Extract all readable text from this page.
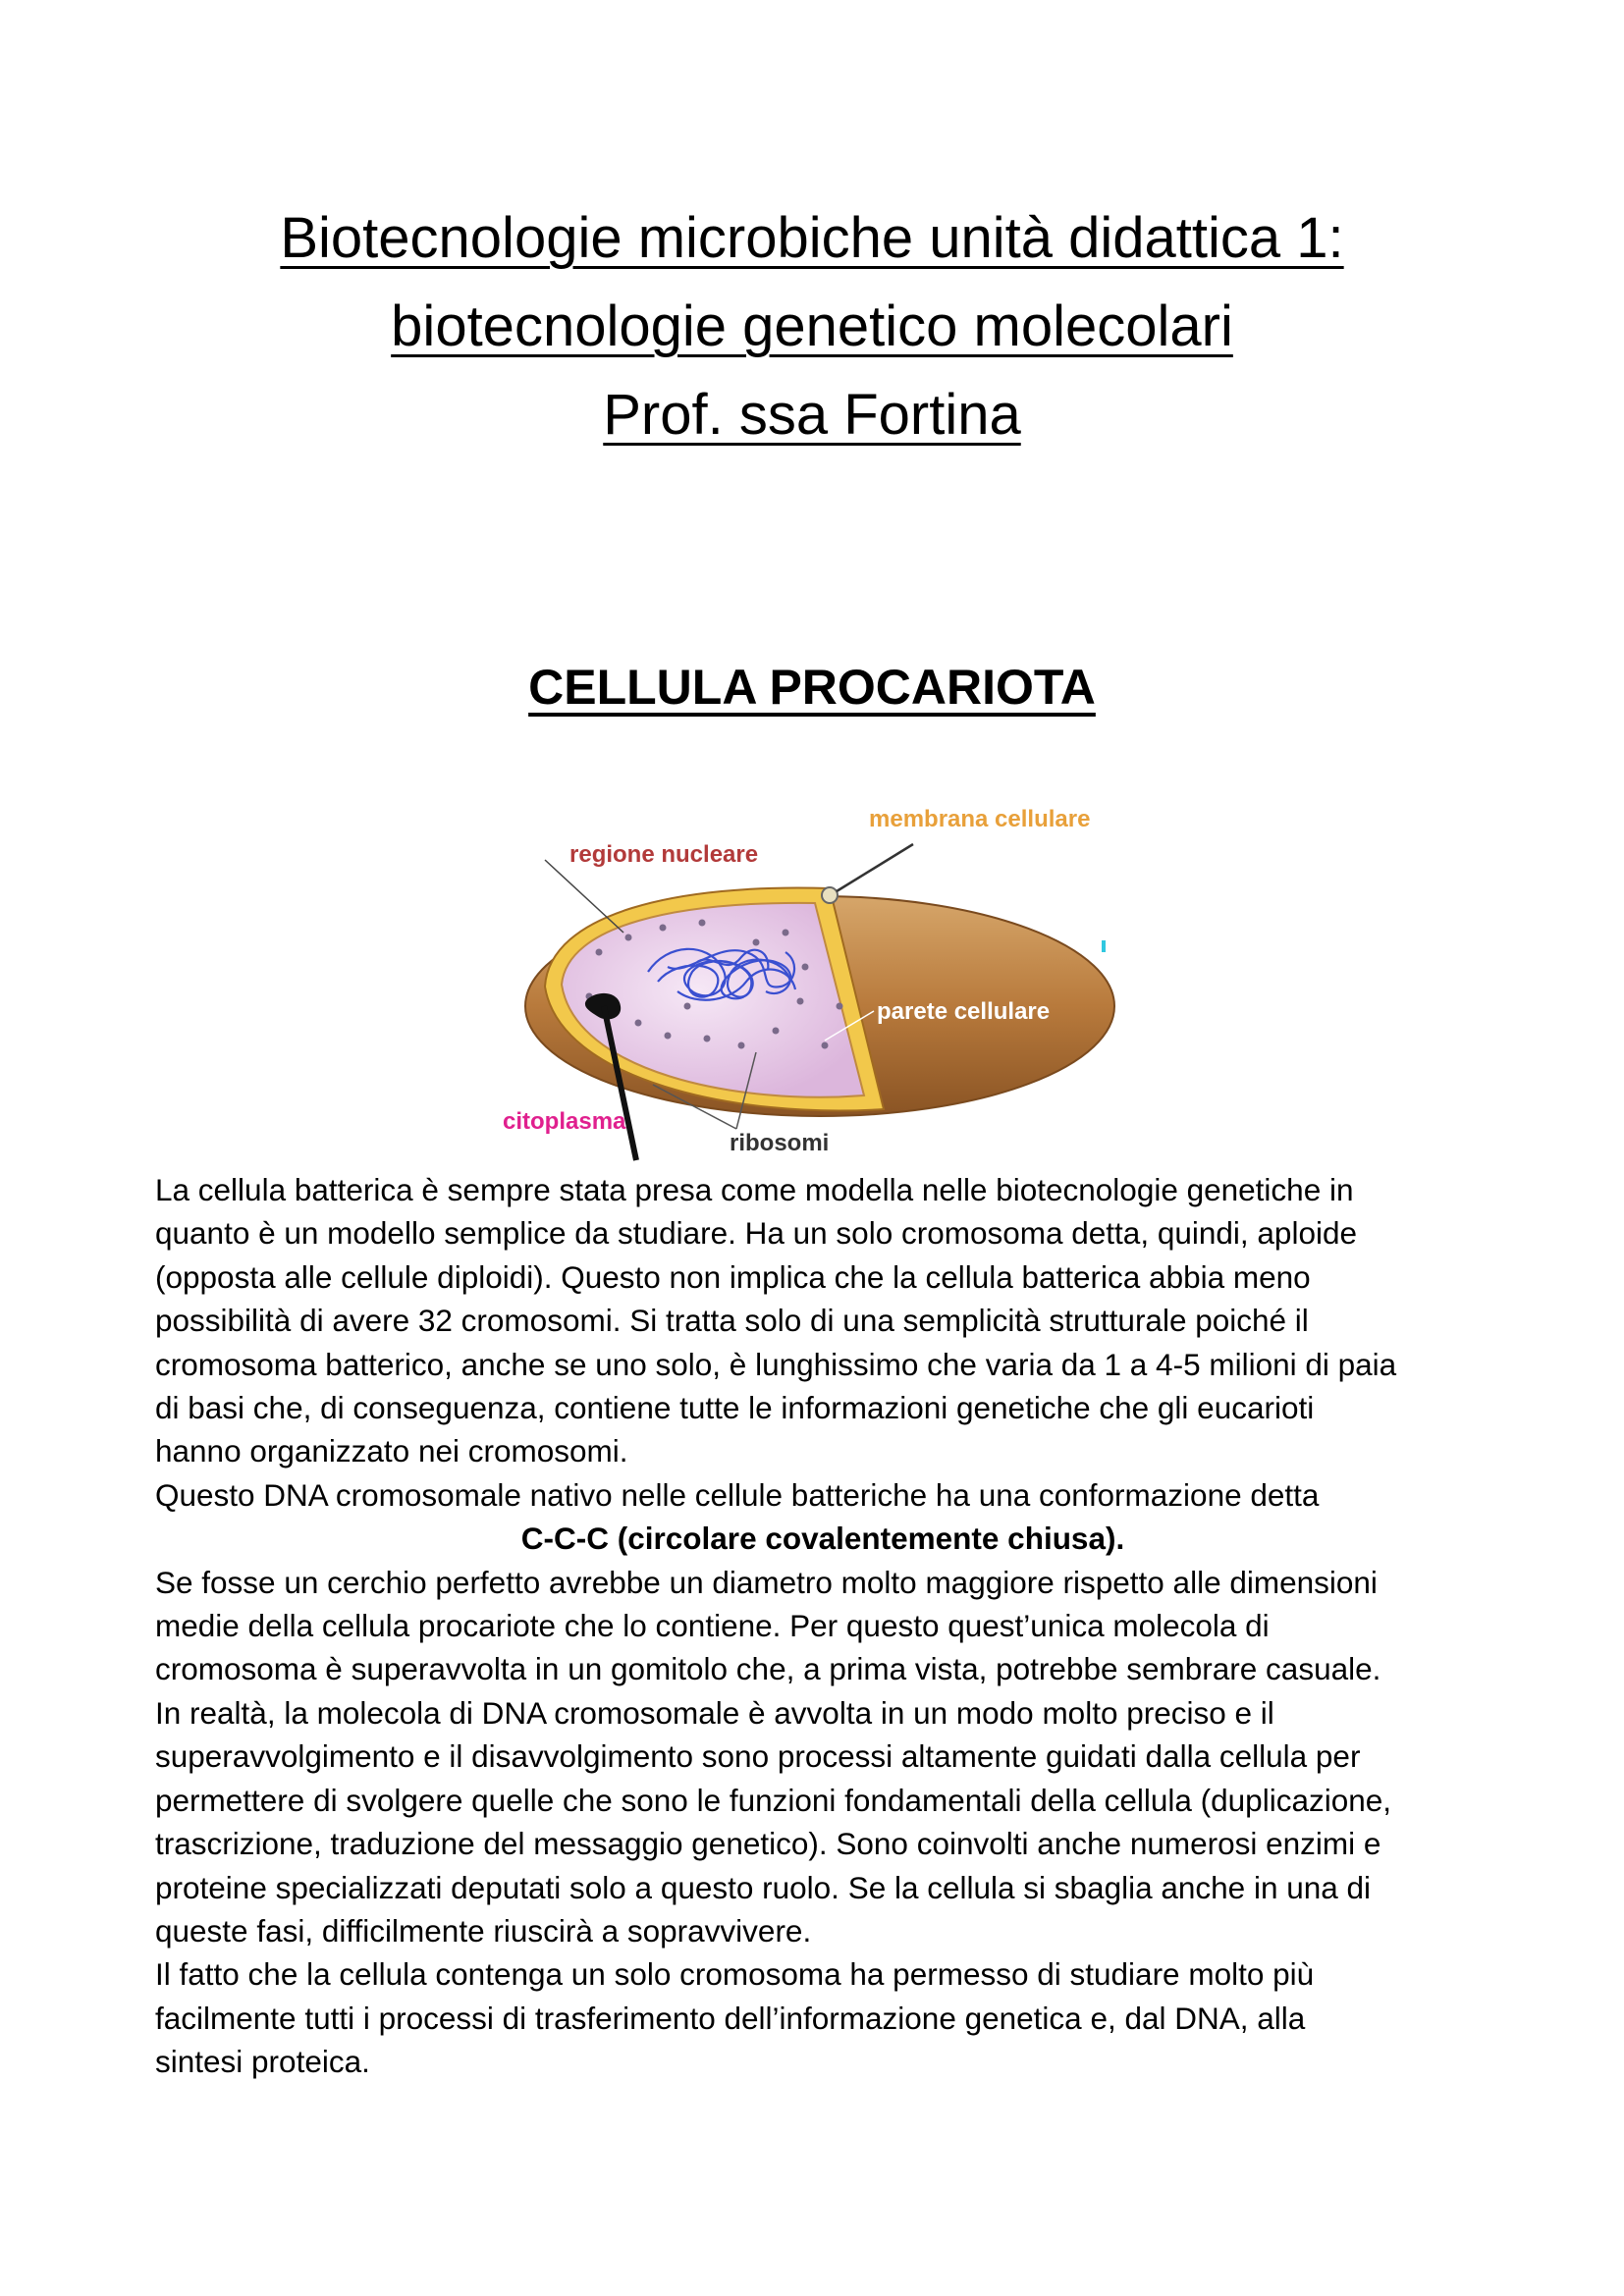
Biotecnologie microbiche unità didattica 1:
biotecnologie genetico molecolari
Prof. ssa Fortina
CELLULA PROCARIOTA
membrana cellulare
regione nucleare
parete cellulare
citoplasma
ribosomi

La cellula batterica è sempre stata presa come modella nelle biotecnologie genetiche in

quanto è un modello semplice da studiare. Ha un solo cromosoma detta, quindi, aploide

(opposta alle cellule diploidi). Questo non implica che la cellula batterica abbia meno

possibilità di avere 32 cromosomi. Si tratta solo di una semplicità strutturale poiché il

cromosoma batterico, anche se uno solo, è lunghissimo che varia da 1 a 4-5 milioni di paia

di basi che, di conseguenza, contiene tutte le informazioni genetiche che gli eucarioti

hanno organizzato nei cromosomi.

Questo DNA cromosomale nativo nelle cellule batteriche ha una conformazione detta

C-C-C (circolare covalentemente chiusa).

Se fosse un cerchio perfetto avrebbe un diametro molto maggiore rispetto alle dimensioni

medie della cellula procariote che lo contiene. Per questo quest’unica molecola di

cromosoma è superavvolta in un gomitolo che, a prima vista, potrebbe sembrare casuale.

In realtà, la molecola di DNA cromosomale è avvolta in un modo molto preciso e il

superavvolgimento e il disavvolgimento sono processi altamente guidati dalla cellula per

permettere di svolgere quelle che sono le funzioni fondamentali della cellula (duplicazione,

trascrizione, traduzione del messaggio genetico). Sono coinvolti anche numerosi enzimi e

proteine specializzati deputati solo a questo ruolo. Se la cellula si sbaglia anche in una di

queste fasi, difficilmente riuscirà a sopravvivere.

Il fatto che la cellula contenga un solo cromosoma ha permesso di studiare molto più

facilmente tutti i processi di trasferimento dell’informazione genetica e, dal DNA, alla

sintesi proteica.
